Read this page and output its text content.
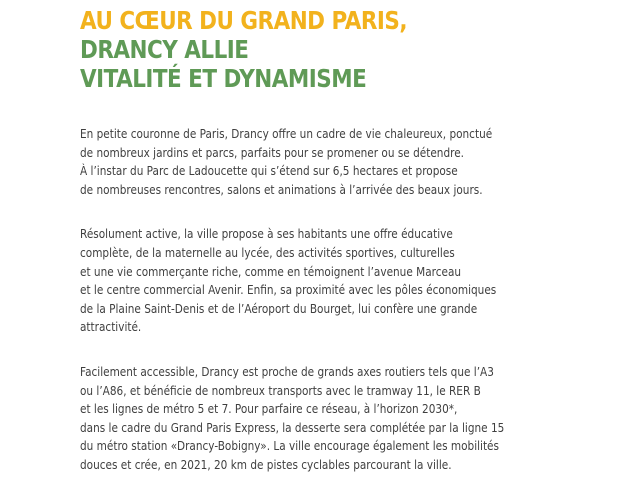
AU CŒUR DU GRAND PARIS,
DRANCY ALLIE
VITALITÉ ET DYNAMISME

En petite couronne de Paris, Drancy offre un cadre de vie chaleureux, ponctué
de nombreux jardins et parcs, parfaits pour se promener ou se détendre.
À l’instar du Parc de Ladoucette qui s’étend sur 6,5 hectares et propose
de nombreuses rencontres, salons et animations à l’arrivée des beaux jours.

Résolument active, la ville propose à ses habitants une offre éducative
complète, de la maternelle au lycée, des activités sportives, culturelles
et une vie commerçante riche, comme en témoignent l’avenue Marceau
et le centre commercial Avenir. Enfin, sa proximité avec les pôles économiques
de la Plaine Saint-Denis et de l’Aéroport du Bourget, lui confère une grande
attractivité.

Facilement accessible, Drancy est proche de grands axes routiers tels que l’A3
ou l’A86, et bénéficie de nombreux transports avec le tramway 11, le RER B
et les lignes de métro 5 et 7. Pour parfaire ce réseau, à l’horizon 2030*,
dans le cadre du Grand Paris Express, la desserte sera complétée par la ligne 15
du métro station «Drancy-Bobigny». La ville encourage également les mobilités
douces et crée, en 2021, 20 km de pistes cyclables parcourant la ville.
